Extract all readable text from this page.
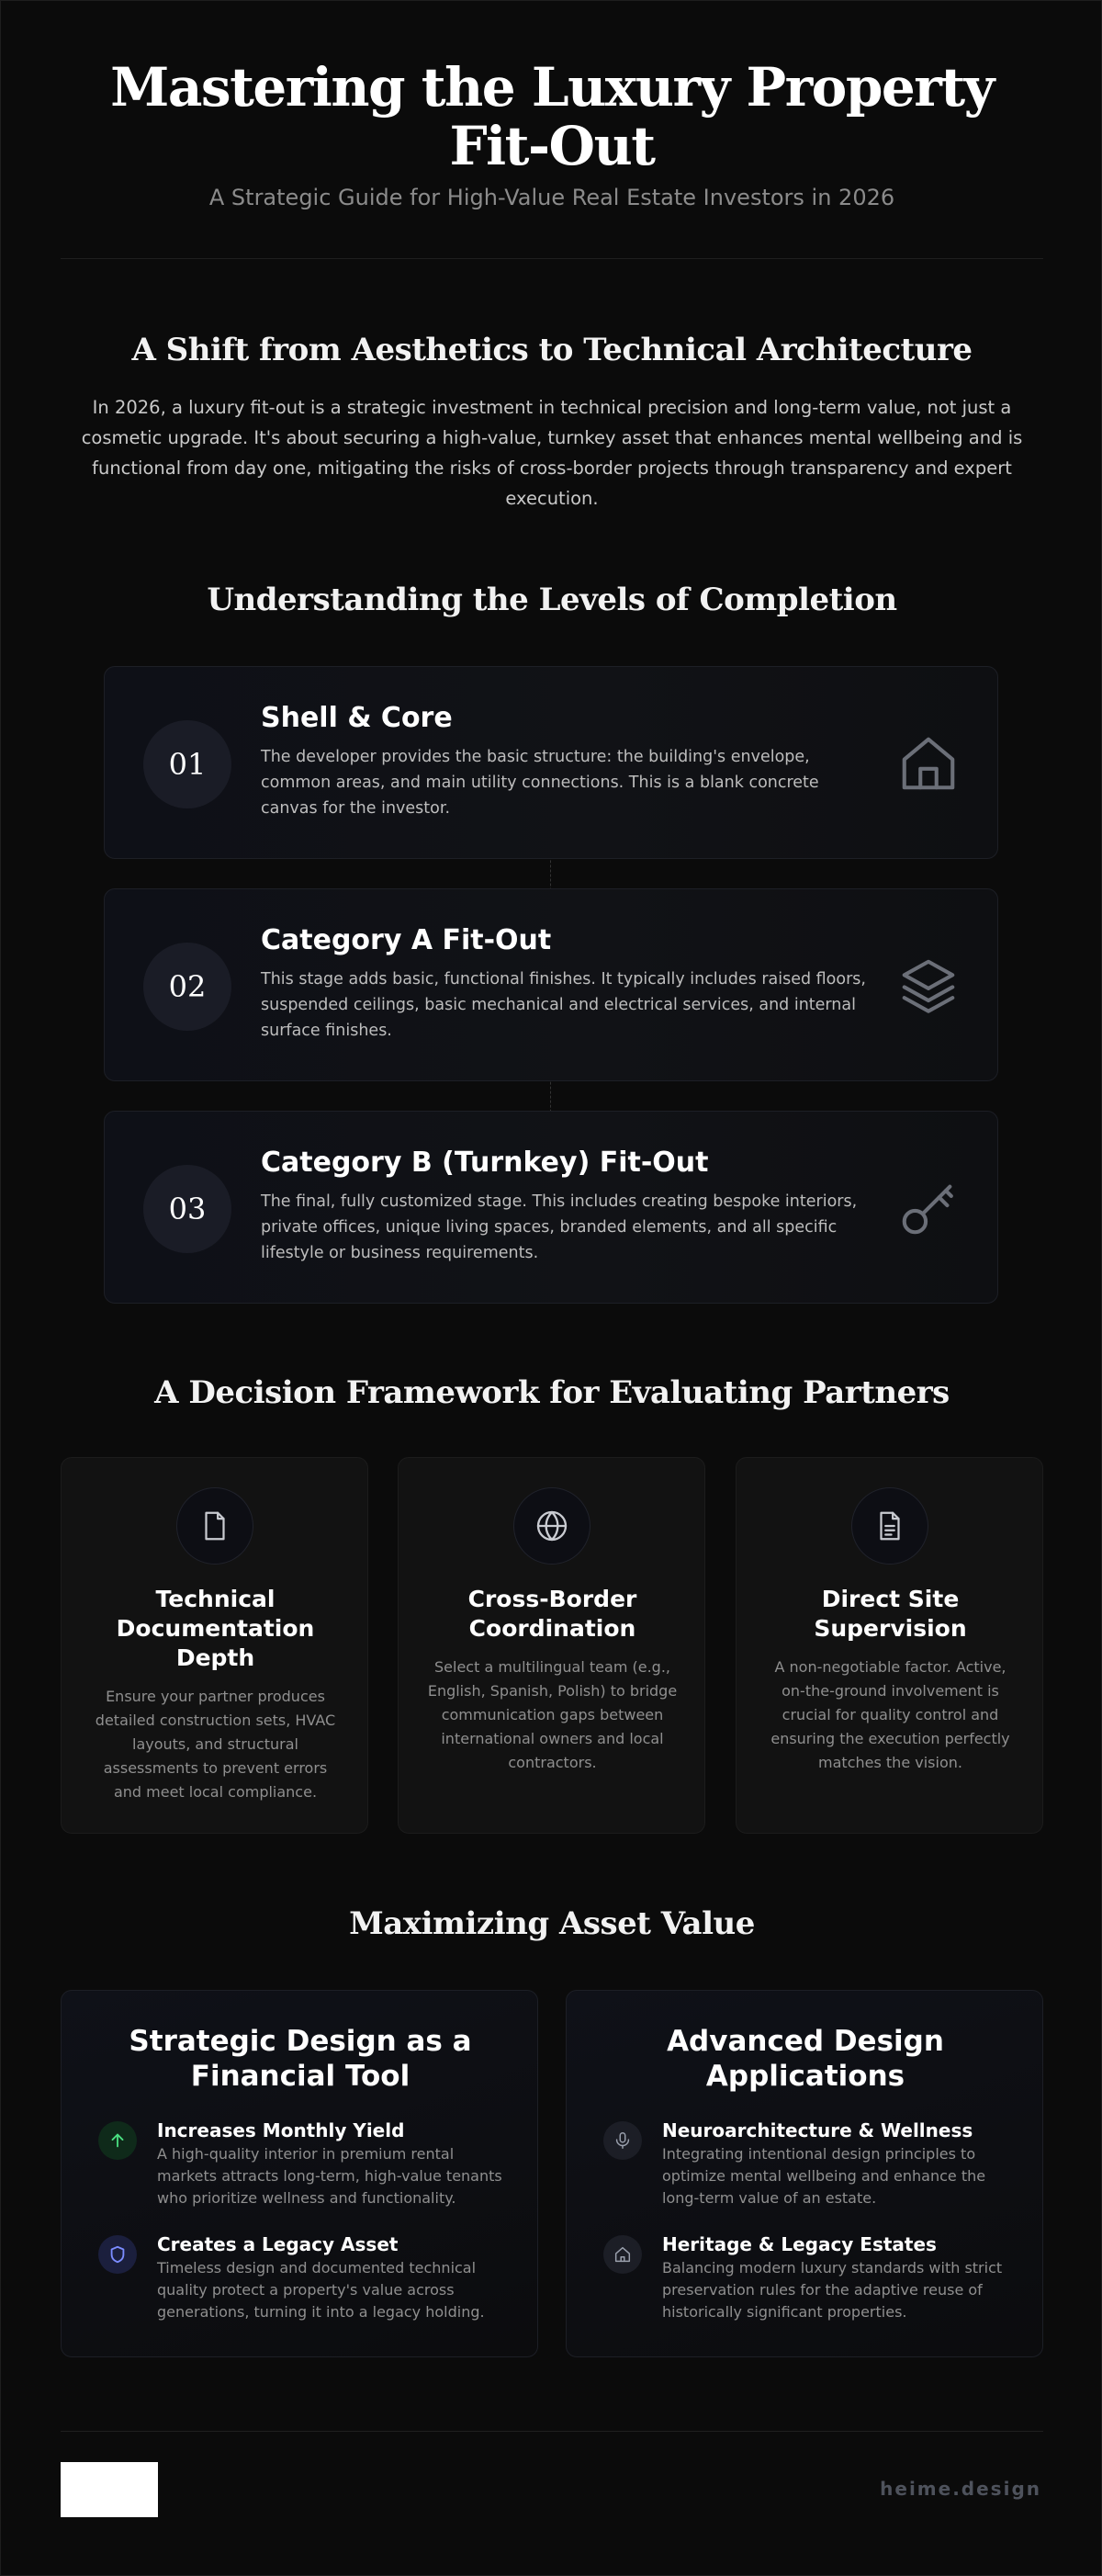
Mastering the Luxury Property Fit-Out
A Strategic Guide for High-Value Real Estate Investors in 2026
A Shift from Aesthetics to Technical Architecture

In 2026, a luxury fit-out is a strategic investment in technical precision and long-term value, not just a cosmetic upgrade. It's about securing a high-value, turnkey asset that enhances mental wellbeing and is functional from day one, mitigating the risks of cross-border projects through transparency and expert execution.

Understanding the Levels of Completion
01
Shell & Core
The developer provides the basic structure: the building's envelope, common areas, and main utility connections. This is a blank concrete canvas for the investor.
02
Category A Fit-Out
This stage adds basic, functional finishes. It typically includes raised floors, suspended ceilings, basic mechanical and electrical services, and internal surface finishes.
03
Category B (Turnkey) Fit-Out
The final, fully customized stage. This includes creating bespoke interiors, private offices, unique living spaces, branded elements, and all specific lifestyle or business requirements.
A Decision Framework for Evaluating Partners
Technical Documentation Depth
Ensure your partner produces detailed construction sets, HVAC layouts, and structural assessments to prevent errors and meet local compliance.
Cross-Border Coordination
Select a multilingual team (e.g., English, Spanish, Polish) to bridge communication gaps between international owners and local contractors.
Direct Site Supervision
A non-negotiable factor. Active, on-the-ground involvement is crucial for quality control and ensuring the execution perfectly matches the vision.
Maximizing Asset Value
Strategic Design as a Financial Tool
Increases Monthly Yield
A high-quality interior in premium rental markets attracts long-term, high-value tenants who prioritize wellness and functionality.
Creates a Legacy Asset
Timeless design and documented technical quality protect a property's value across generations, turning it into a legacy holding.
Advanced Design Applications
Neuroarchitecture & Wellness
Integrating intentional design principles to optimize mental wellbeing and enhance the long-term value of an estate.
Heritage & Legacy Estates
Balancing modern luxury standards with strict preservation rules for the adaptive reuse of historically significant properties.
heime.design
